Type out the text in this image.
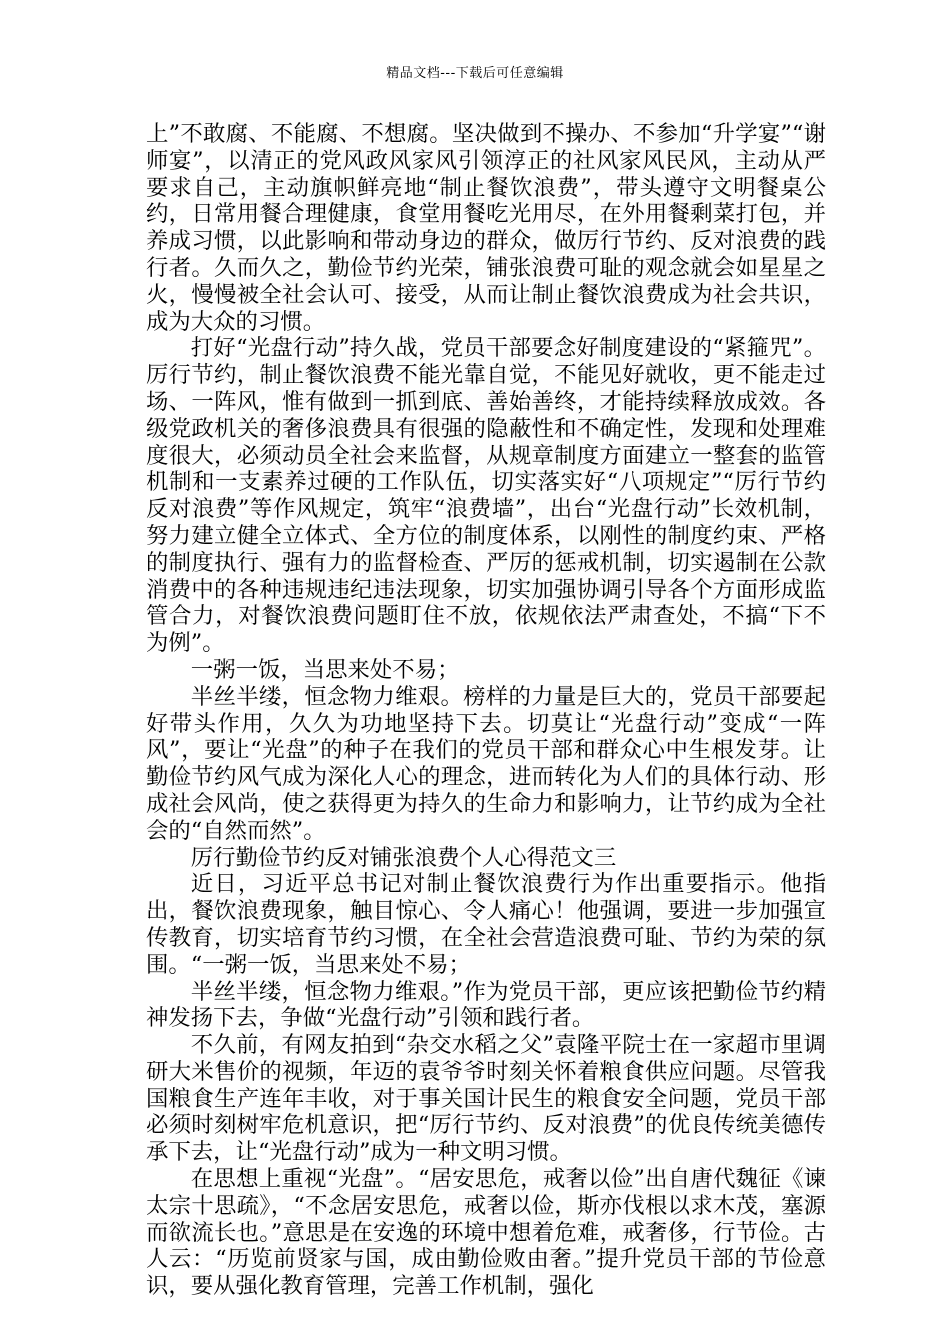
精品文档---下载后可任意编辑

上”不敢腐、不能腐、不想腐。坚决做到不操办、不参加“升学宴”“谢师宴”，以清正的党风政风家风引领淳正的社风家风民风，主动从严要求自己，主动旗帜鲜亮地“制止餐饮浪费”，带头遵守文明餐桌公约，日常用餐合理健康，食堂用餐吃光用尽，在外用餐剩菜打包，并养成习惯，以此影响和带动身边的群众，做厉行节约、反对浪费的践行者。久而久之，勤俭节约光荣，铺张浪费可耻的观念就会如星星之火，慢慢被全社会认可、接受，从而让制止餐饮浪费成为社会共识，成为大众的习惯。

打好“光盘行动”持久战，党员干部要念好制度建设的“紧箍咒”。厉行节约，制止餐饮浪费不能光靠自觉，不能见好就收，更不能走过场、一阵风，惟有做到一抓到底、善始善终，才能持续释放成效。各级党政机关的奢侈浪费具有很强的隐蔽性和不确定性，发现和处理难度很大，必须动员全社会来监督，从规章制度方面建立一整套的监管机制和一支素养过硬的工作队伍，切实落实好“八项规定”“厉行节约反对浪费”等作风规定，筑牢“浪费墙”，出台“光盘行动”长效机制，努力建立健全立体式、全方位的制度体系，以刚性的制度约束、严格的制度执行、强有力的监督检查、严厉的惩戒机制，切实遏制在公款消费中的各种违规违纪违法现象，切实加强协调引导各个方面形成监管合力，对餐饮浪费问题盯住不放，依规依法严肃查处，不搞“下不为例”。

一粥一饭，当思来处不易；

半丝半缕，恒念物力维艰。榜样的力量是巨大的，党员干部要起好带头作用，久久为功地坚持下去。切莫让“光盘行动”变成“一阵风”，要让“光盘”的种子在我们的党员干部和群众心中生根发芽。让勤俭节约风气成为深化人心的理念，进而转化为人们的具体行动、形成社会风尚，使之获得更为持久的生命力和影响力，让节约成为全社会的“自然而然”。

厉行勤俭节约反对铺张浪费个人心得范文三

近日，习近平总书记对制止餐饮浪费行为作出重要指示。他指出，餐饮浪费现象，触目惊心、令人痛心！他强调，要进一步加强宣传教育，切实培育节约习惯，在全社会营造浪费可耻、节约为荣的氛围。“一粥一饭，当思来处不易；

半丝半缕，恒念物力维艰。”作为党员干部，更应该把勤俭节约精神发扬下去，争做“光盘行动”引领和践行者。

不久前，有网友拍到“杂交水稻之父”袁隆平院士在一家超市里调研大米售价的视频，年迈的袁爷爷时刻关怀着粮食供应问题。尽管我国粮食生产连年丰收，对于事关国计民生的粮食安全问题，党员干部必须时刻树牢危机意识，把“厉行节约、反对浪费”的优良传统美德传承下去，让“光盘行动”成为一种文明习惯。

在思想上重视“光盘”。“居安思危，戒奢以俭”出自唐代魏征《谏太宗十思疏》，“不念居安思危，戒奢以俭，斯亦伐根以求木茂，塞源而欲流长也。”意思是在安逸的环境中想着危难，戒奢侈，行节俭。古人云：“历览前贤家与国，成由勤俭败由奢。”提升党员干部的节俭意识，要从强化教育管理，完善工作机制，强化
